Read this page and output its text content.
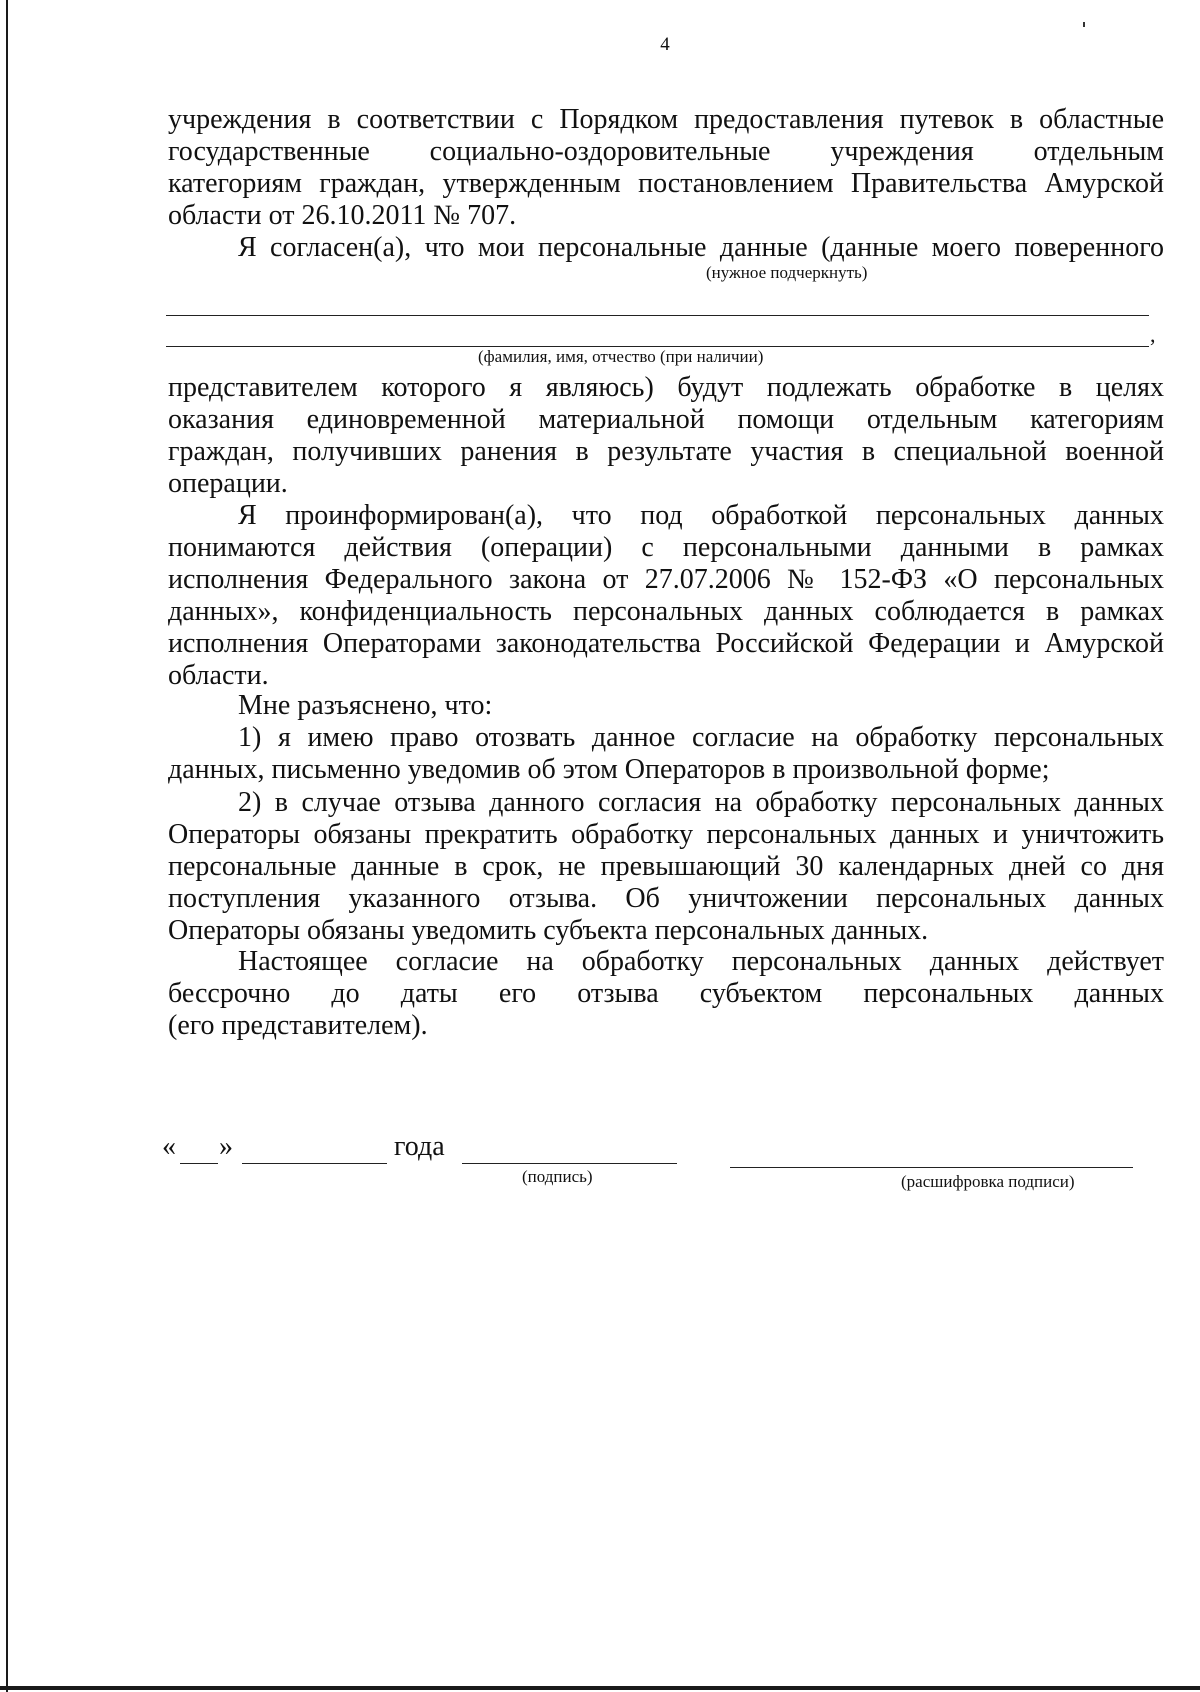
4
учреждения в соответствии с Порядком предоставления путевок в областные
государственные социально-оздоровительные учреждения отдельным
категориям граждан, утвержденным постановлением Правительства Амурской
области от 26.10.2011 № 707.
Я согласен(а), что мои персональные данные (данные моего поверенного
(нужное подчеркнуть)
,
(фамилия, имя, отчество (при наличии)
представителем которого я являюсь) будут подлежать обработке в целях
оказания единовременной материальной помощи отдельным категориям
граждан, получивших ранения в результате участия в специальной военной
операции.
Я проинформирован(а), что под обработкой персональных данных
понимаются действия (операции) с персональными данными в рамках
исполнения Федерального закона от 27.07.2006 № 152-ФЗ «О персональных
данных», конфиденциальность персональных данных соблюдается в рамках
исполнения Операторами законодательства Российской Федерации и Амурской
области.
Мне разъяснено, что:
1) я имею право отозвать данное согласие на обработку персональных
данных, письменно уведомив об этом Операторов в произвольной форме;
2) в случае отзыва данного согласия на обработку персональных данных
Операторы обязаны прекратить обработку персональных данных и уничтожить
персональные данные в срок, не превышающий 30 календарных дней со дня
поступления указанного отзыва. Об уничтожении персональных данных
Операторы обязаны уведомить субъекта персональных данных.
Настоящее согласие на обработку персональных данных действует
бессрочно до даты его отзыва субъектом персональных данных
(его представителем).
« »	года
(подпись)	(расшифровка подписи)
